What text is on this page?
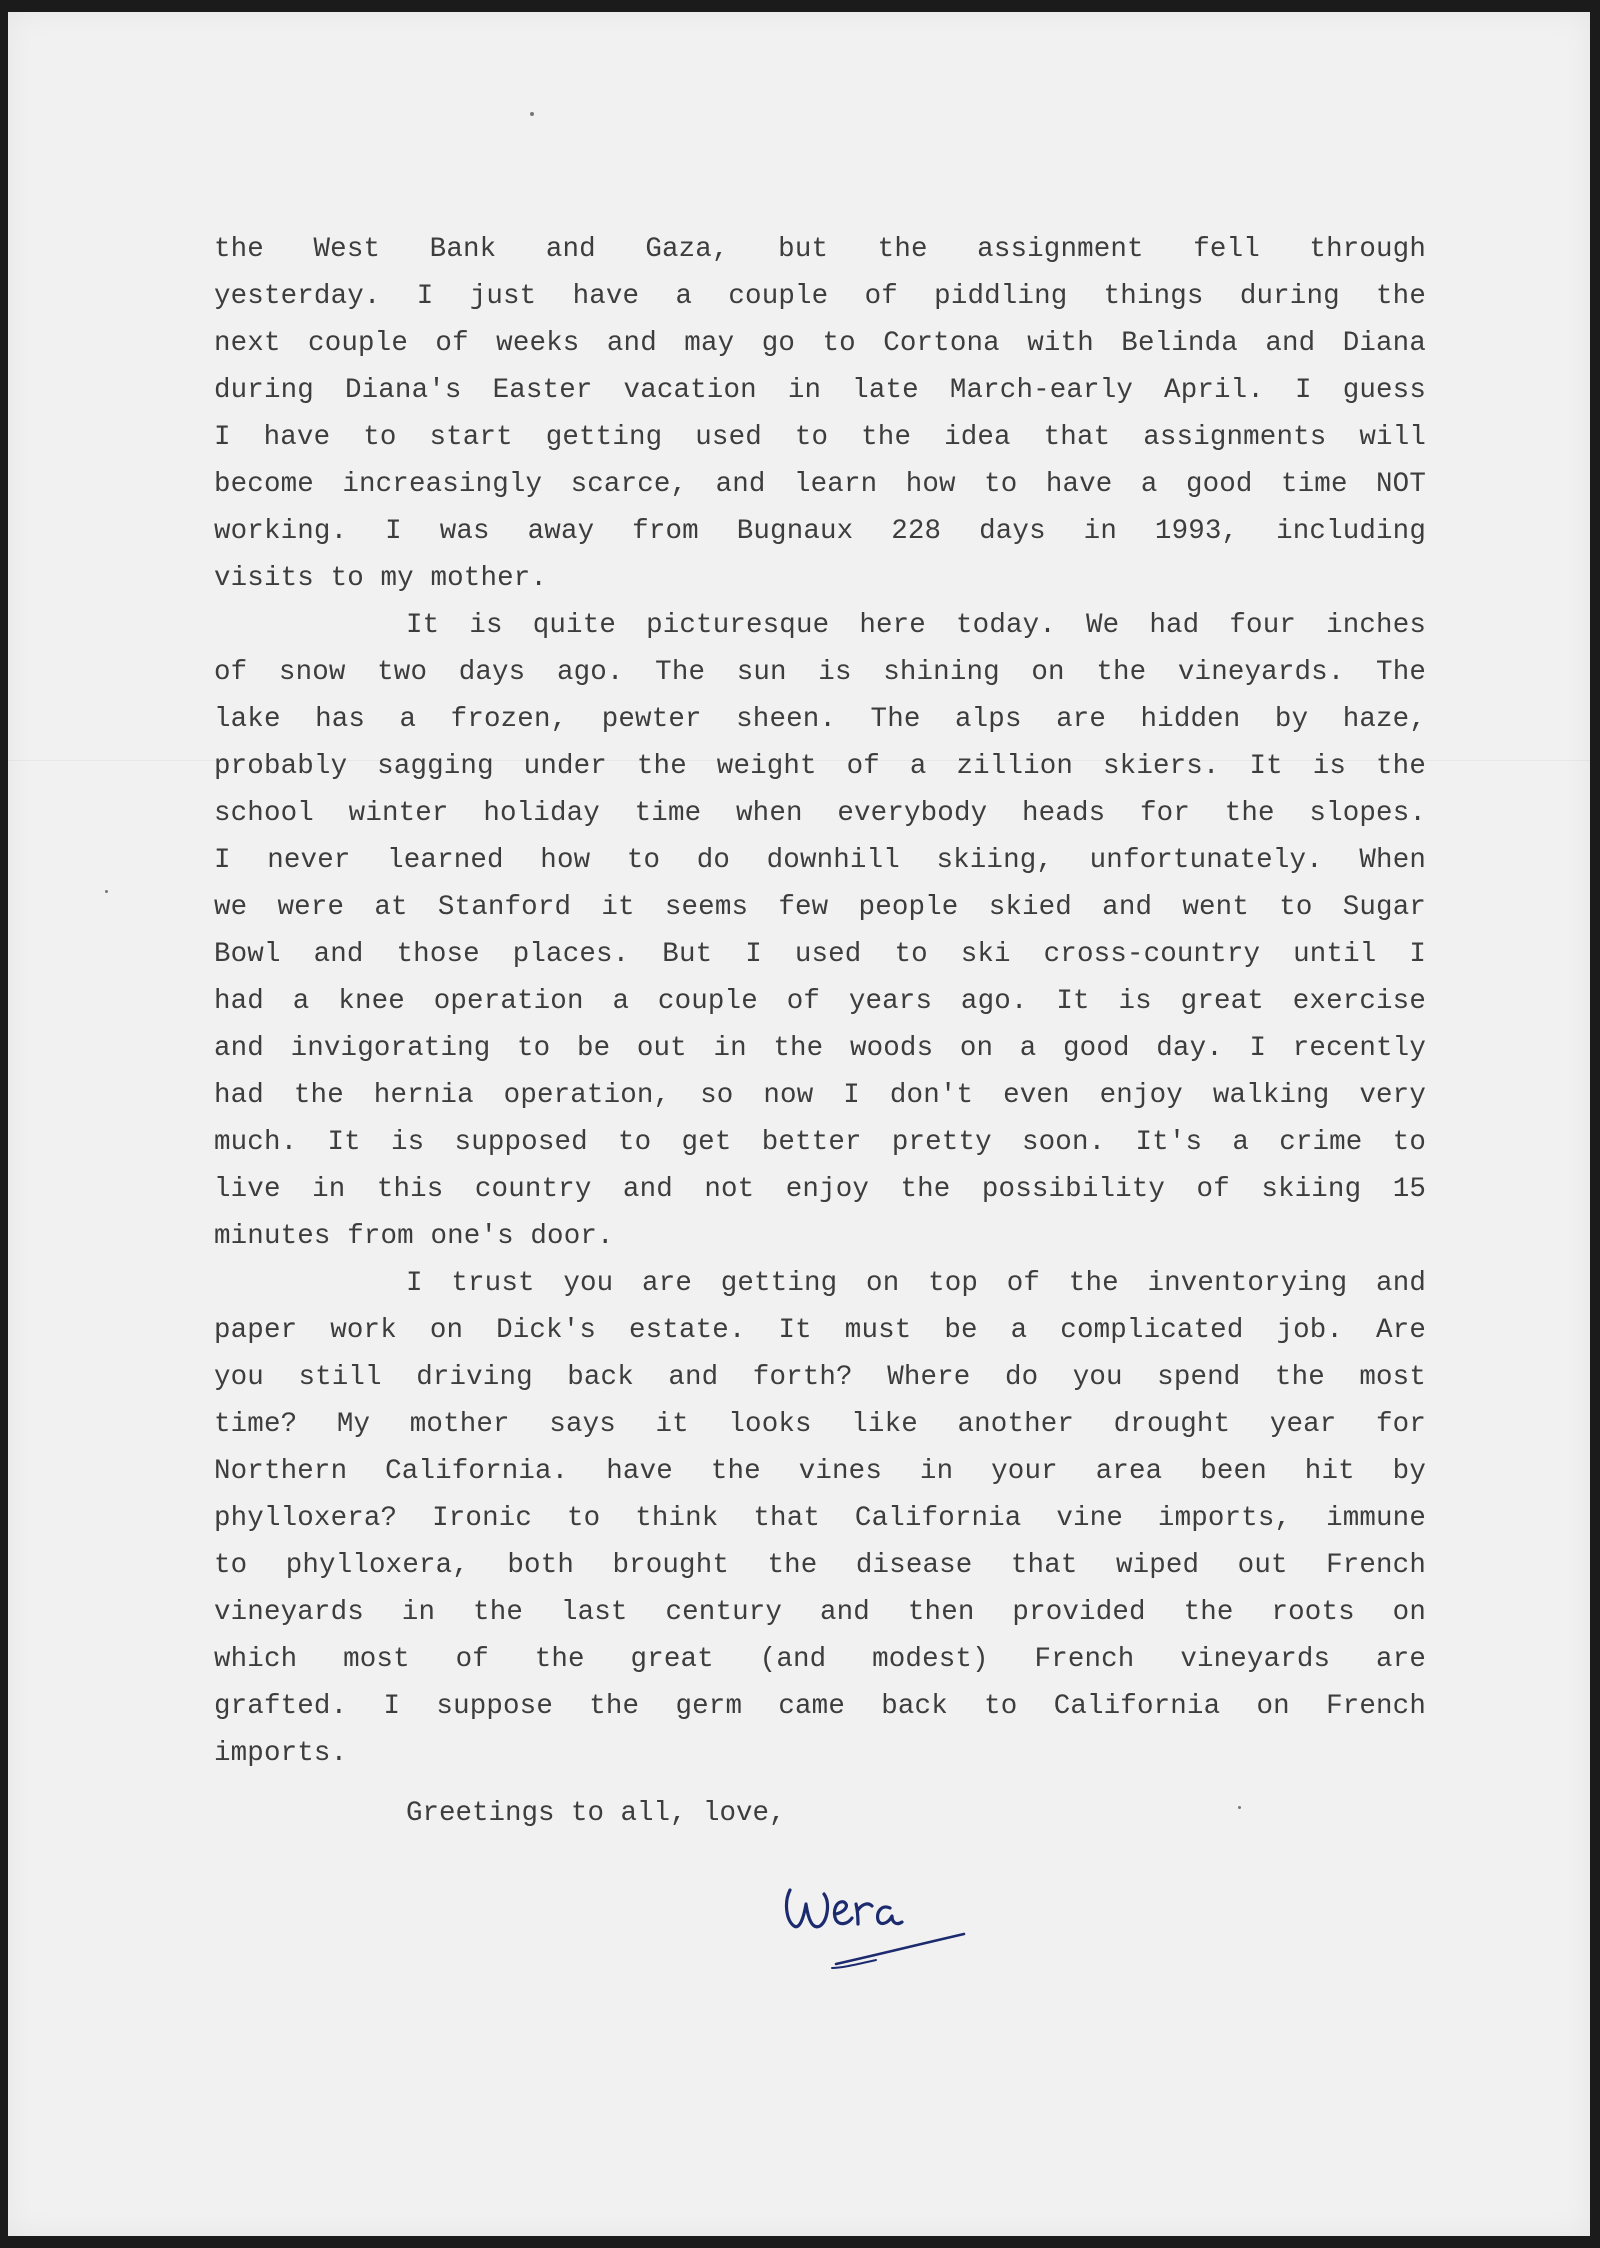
the West Bank and Gaza, but the assignment fell through
yesterday. I just have a couple of piddling things during the
next couple of weeks and may go to Cortona with Belinda and Diana
during Diana's Easter vacation in late March-early April. I guess
I have to start getting used to the idea that assignments will
become increasingly scarce, and learn how to have a good time NOT
working. I was away from Bugnaux 228 days in 1993, including
visits to my mother.
It is quite picturesque here today. We had four inches
of snow two days ago. The sun is shining on the vineyards. The
lake has a frozen, pewter sheen. The alps are hidden by haze,
probably sagging under the weight of a zillion skiers. It is the
school winter holiday time when everybody heads for the slopes.
I never learned how to do downhill skiing, unfortunately. When
we were at Stanford it seems few people skied and went to Sugar
Bowl and those places. But I used to ski cross-country until I
had a knee operation a couple of years ago. It is great exercise
and invigorating to be out in the woods on a good day. I recently
had the hernia operation, so now I don't even enjoy walking very
much. It is supposed to get better pretty soon. It's a crime to
live in this country and not enjoy the possibility of skiing 15
minutes from one's door.
I trust you are getting on top of the inventorying and
paper work on Dick's estate. It must be a complicated job. Are
you still driving back and forth? Where do you spend the most
time? My mother says it looks like another drought year for
Northern California. have the vines in your area been hit by
phylloxera? Ironic to think that California vine imports, immune
to phylloxera, both brought the disease that wiped out French
vineyards in the last century and then provided the roots on
which most of the great (and modest) French vineyards are
grafted. I suppose the germ came back to California on French
imports.
Greetings to all, love,
